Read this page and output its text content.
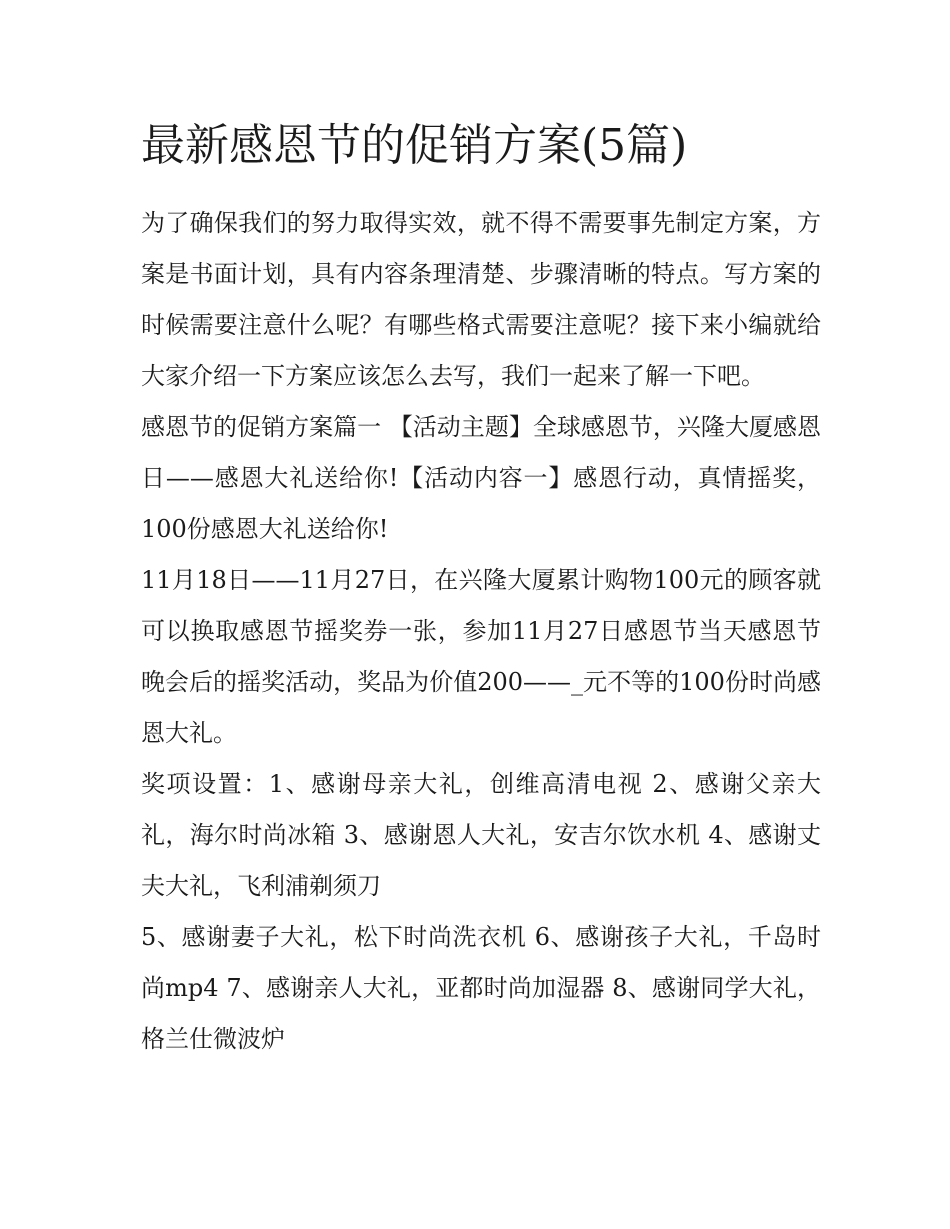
最新感恩节的促销方案(5篇)

为了确保我们的努力取得实效，就不得不需要事先制定方案，方案是书面计划，具有内容条理清楚、步骤清晰的特点。写方案的时候需要注意什么呢？有哪些格式需要注意呢？接下来小编就给大家介绍一下方案应该怎么去写，我们一起来了解一下吧。

感恩节的促销方案篇一 【活动主题】全球感恩节，兴隆大厦感恩日——感恩大礼送给你!【活动内容一】感恩行动，真情摇奖，100份感恩大礼送给你!

11月18日——11月27日，在兴隆大厦累计购物100元的顾客就可以换取感恩节摇奖券一张，参加11月27日感恩节当天感恩节晚会后的摇奖活动，奖品为价值200——_元不等的100份时尚感恩大礼。

奖项设置：1、感谢母亲大礼，创维高清电视 2、感谢父亲大礼，海尔时尚冰箱 3、感谢恩人大礼，安吉尔饮水机 4、感谢丈夫大礼，飞利浦剃须刀

5、感谢妻子大礼，松下时尚洗衣机 6、感谢孩子大礼，千岛时尚mp4 7、感谢亲人大礼，亚都时尚加湿器 8、感谢同学大礼，格兰仕微波炉
